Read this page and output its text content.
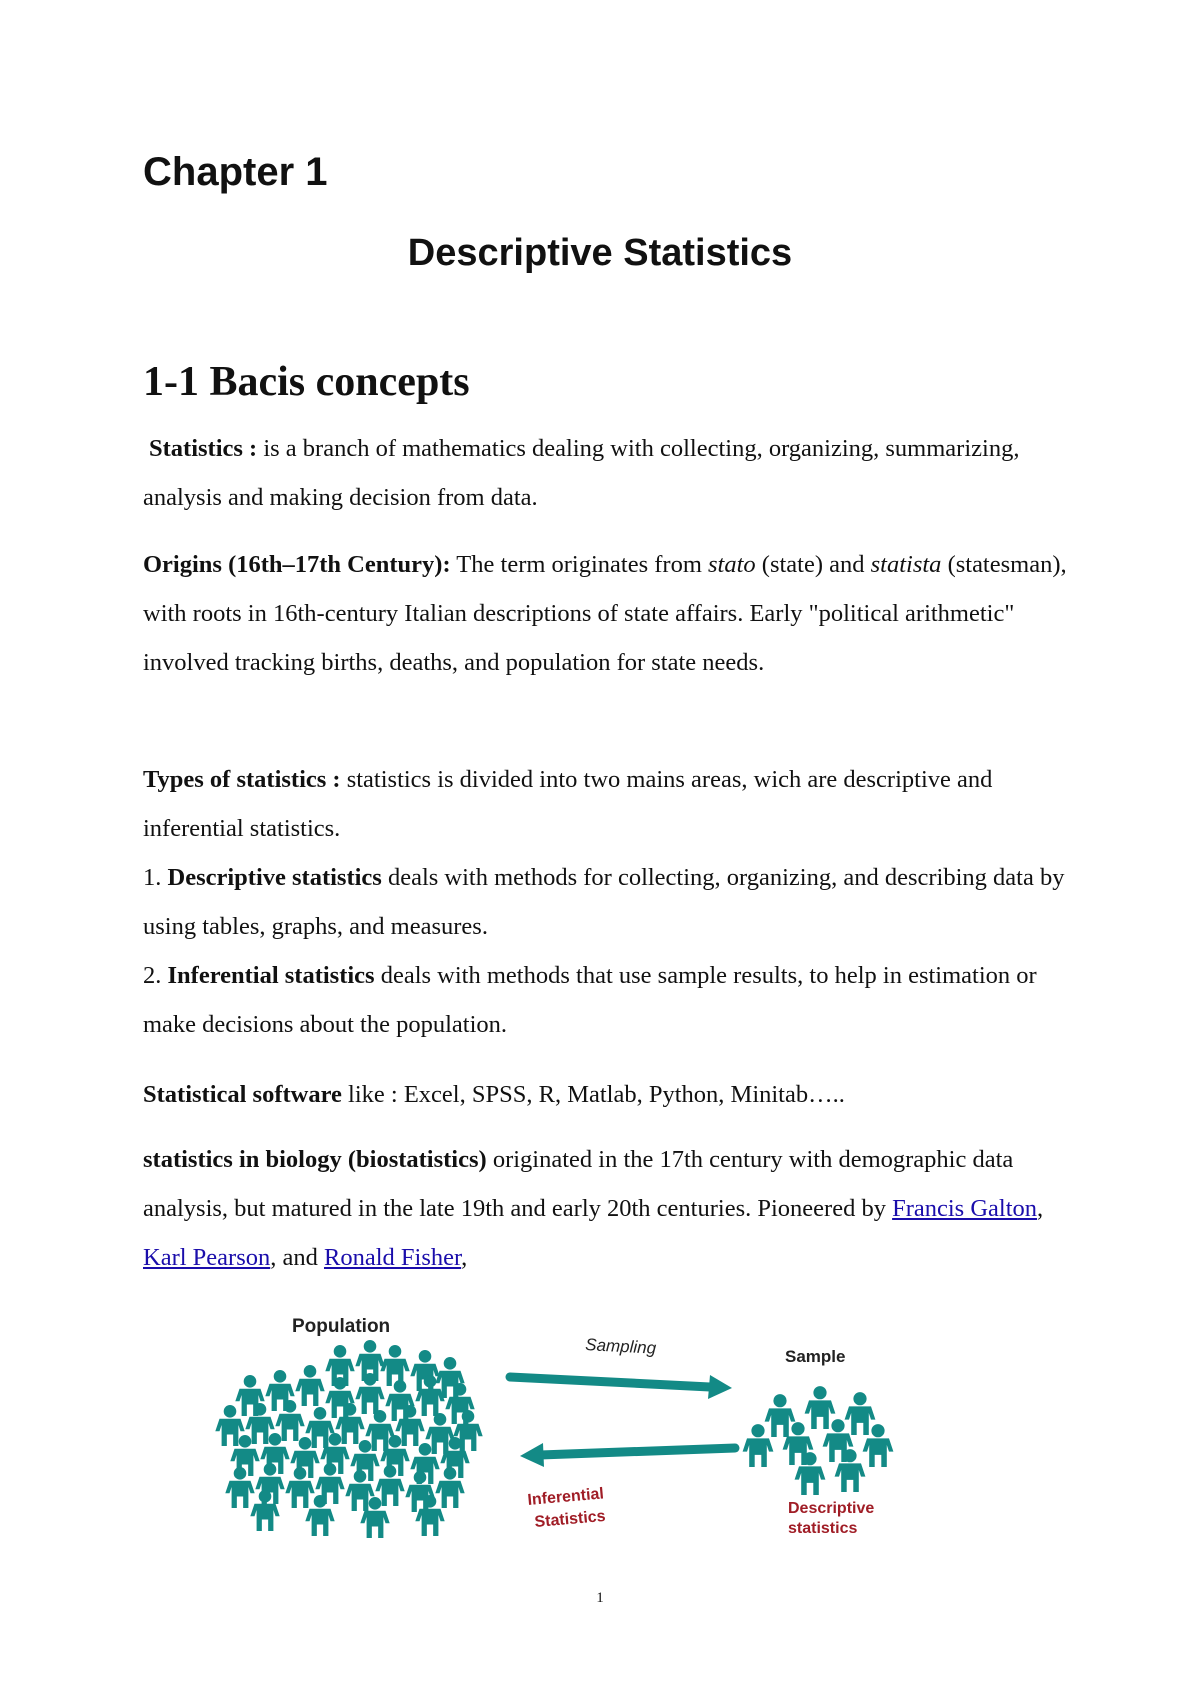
Chapter 1
Descriptive Statistics
1-1 Bacis concepts
Statistics : is a branch of mathematics dealing with collecting, organizing, summarizing, analysis and making decision from data.
Origins (16th–17th Century): The term originates from stato (state) and statista (statesman), with roots in 16th-century Italian descriptions of state affairs. Early "political arithmetic" involved tracking births, deaths, and population for state needs.
Types of statistics : statistics is divided into two mains areas, wich are descriptive and inferential statistics.
1. Descriptive statistics deals with methods for collecting, organizing, and describing data by using tables, graphs, and measures.
2. Inferential statistics deals with methods that use sample results, to help in estimation or make decisions about the population.
Statistical software like : Excel, SPSS, R, Matlab, Python, Minitab…..
statistics in biology (biostatistics) originated in the 17th century with demographic data analysis, but matured in the late 19th and early 20th centuries. Pioneered by Francis Galton, Karl Pearson, and Ronald Fisher,
Population
Sampling
Inferential
Statistics
Sample
Descriptive
statistics
1
